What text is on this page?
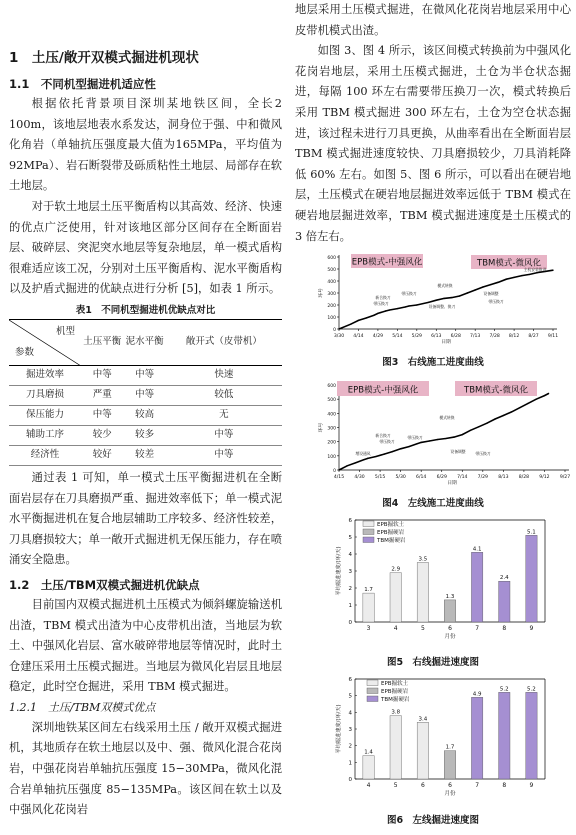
1　土压/敞开双模式掘进机现状
1.1　不同机型掘进机适应性

根据依托背景项目深圳某地铁区间，全长2 100m，该地层地表水系发达，洞身位于强、中和微风化角岩（单轴抗压强度最大值为165MPa，平均值为92MPa）、岩石断裂带及砾质粘性土地层、局部存在软土地层。

对于软土地层土压平衡盾构以其高效、经济、快速的优点广泛使用，针对该地区部分区间存在全断面岩层、破碎层、突泥突水地层等复杂地层，单一模式盾构很难适应该工况，分别对土压平衡盾构、泥水平衡盾构以及护盾式掘进的优缺点进行分析 [5]，如表 1 所示。

表1　不同机型掘进机优缺点对比
机型
参数	土压平衡	泥水平衡	敞开式（皮带机）
掘进效率	中等	中等	快速
刀具磨损	严重	中等	较低
保压能力	中等	较高	无
辅助工序	较少	较多	中等
经济性	较好	较差	中等

通过表 1 可知，单一模式土压平衡掘进机在全断面岩层存在刀具磨损严重、掘进效率低下；单一模式泥水平衡掘进机在复合地层辅助工序较多、经济性较差，刀具磨损较大；单一敞开式掘进机无保压能力，存在喷涌安全隐患。

1.2　土压/TBM双模式掘进机优缺点

目前国内双模式掘进机土压模式为倾斜螺旋输送机出渣，TBM 模式出渣为中心皮带机出渣，当地层为软土、中强风化岩层、富水破碎带地层等情况时，此时土仓建压采用土压模式掘进。当地层为微风化岩层且地层稳定，此时空仓掘进，采用 TBM 模式掘进。

1.2.1　土压/TBM双模式优点

深圳地铁某区间左右线采用土压 / 敞开双模式掘进机，其地质存在软土地层以及中、强、微风化混合花岗岩，中强花岗岩单轴抗压强度 15−30MPa，微风化混合岩单轴抗压强度 85−135MPa。该区间在软土以及中强风化花岗岩

地层采用土压模式掘进，在微风化花岗岩地层采用中心皮带机模式出渣。

如图 3、图 4 所示，该区间模式转换前为中强风化花岗岩地层，采用土压模式掘进，土仓为半仓状态掘进，每隔 100 环左右需要带压换刀一次，模式转换后采用 TBM 模式掘进 300 环左右，土仓为空仓状态掘进，该过程未进行刀具更换，从曲率看出在全断面岩层 TBM 模式掘进速度较快、刀具磨损较少，刀具消耗降低 60% 左右。如图 5、图 6 所示，可以看出在硬岩地层，土压模式在硬岩地层掘进效率远低于 TBM 模式在硬岩地层掘进效率，TBM 模式掘进速度是土压模式的 3 倍左右。

0
100
200
300
400
500
600
3/30 4/14 4/29 5/14 5/29 6/13 6/28 7/13 7/28 8/12 8/27 9/11
环号
日期
EPB模式-中强风化	TBM模式-微风化
主机安装推进
模式转换
新合换刀
带压换刀
带压换刀
设备调整、换刀
设备调整
带压换刀
图3　右线施工进度曲线
0
100
200
300
400
500
600
4/15 4/30 5/15 5/30 6/14 6/29 7/14 7/29 8/13 8/28 9/12 9/27
环号
日期
EPB模式-中强风化	TBM模式-微风化
模式转换
新合换刀
带压换刀
增设通风
带压换刀
设备调整	带压换刀
图4　左线施工进度曲线
0
1
2
3
4
5
6
3
1.7
4
2.9
5
3.5
6
1.3
7
4.1
8
2.4
9
5.1
平均掘进速度/(环/天)
月份
EPB掘软土
EPB掘硬岩
TBM掘硬岩
图5　右线掘进速度图
0
1
2
3
4
5
6
4
1.4
5
3.8
6
3.4
6
1.7
7
4.9
8
5.2
9
5.2
平均掘进速度/(环/天)
月份
EPB掘软土
EPB掘硬岩
TBM掘硬岩
图6　左线掘进速度图
